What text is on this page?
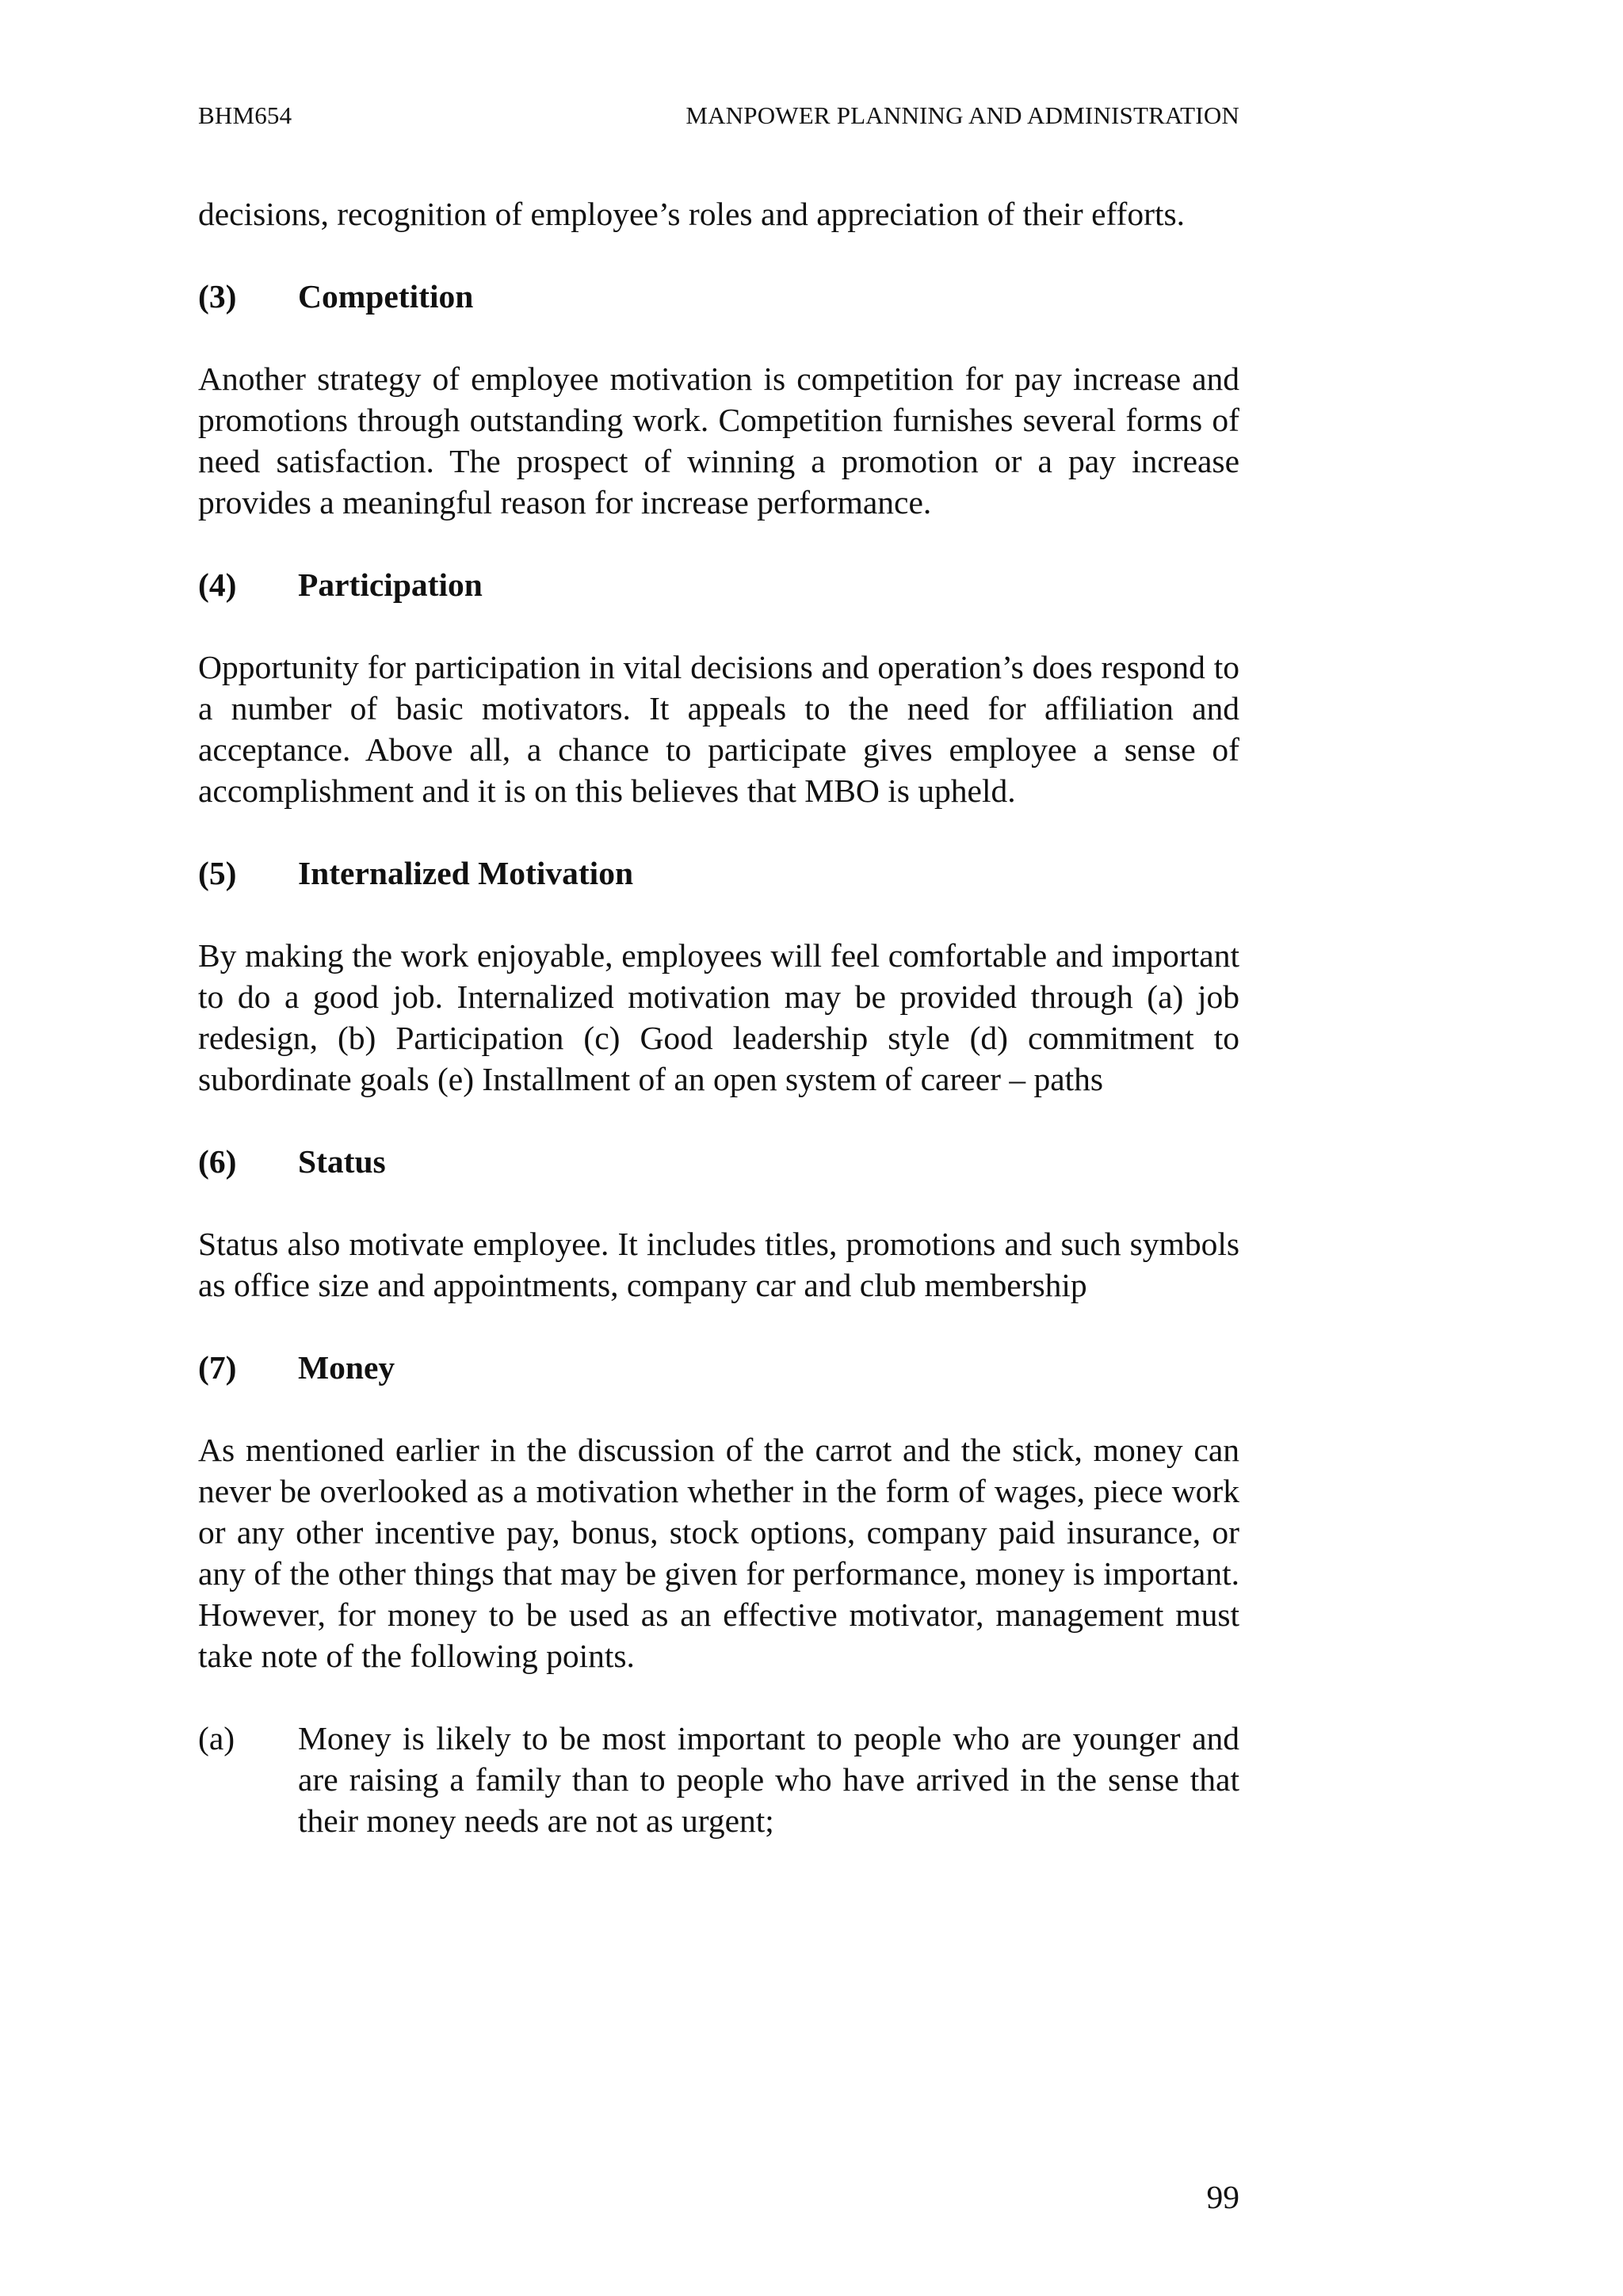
BHM654	MANPOWER PLANNING AND ADMINISTRATION

decisions, recognition of employee’s roles and appreciation of their efforts.

(3)	Competition

Another strategy of employee motivation is competition for pay increase and promotions through outstanding work. Competition furnishes several forms of need satisfaction. The prospect of winning a promotion or a pay increase provides a meaningful reason for increase performance.

(4)	Participation

Opportunity for participation in vital decisions and operation’s does respond to a number of basic motivators. It appeals to the need for affiliation and acceptance. Above all, a chance to participate gives employee a sense of accomplishment and it is on this believes that MBO is upheld.

(5)	Internalized Motivation

By making the work enjoyable, employees will feel comfortable and important to do a good job. Internalized motivation may be provided through (a) job redesign, (b) Participation (c) Good leadership style (d) commitment to subordinate goals (e) Installment of an open system of career – paths

(6)	Status

Status also motivate employee. It includes titles, promotions and such symbols as office size and appointments, company car and club membership

(7)	Money

As mentioned earlier in the discussion of the carrot and the stick, money can never be overlooked as a motivation whether in the form of wages, piece work or any other incentive pay, bonus, stock options, company paid insurance, or any of the other things that may be given for performance, money is important. However, for money to be used as an effective motivator, management must take note of the following points.

(a)	Money is likely to be most important to people who are younger and are raising a family than to people who have arrived in the sense that their money needs are not as urgent;
99
